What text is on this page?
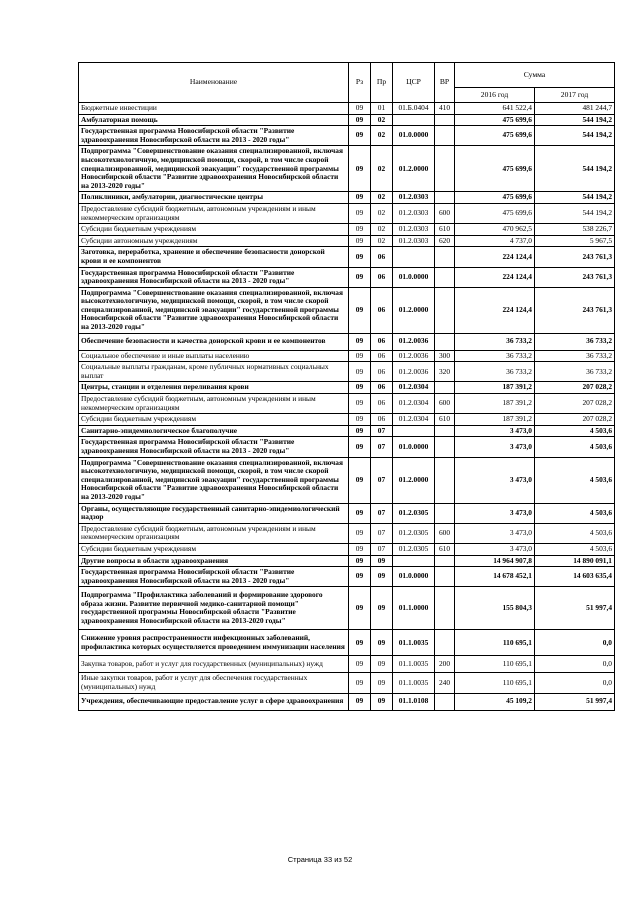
Наименование	Рз	Пр	ЦСР	ВР	Сумма	
					2016 год	2017 год
Бюджетные инвестиции	09	01	01.Б.0404	410	641 522,4	481 244,7
Амбулаторная помощь	09	02			475 699,6	544 194,2
Государственная программа Новосибирской области "Развитие здравоохранения Новосибирской области на 2013 - 2020 годы"	09	02	01.0.0000		475 699,6	544 194,2
Подпрограмма "Совершенствование оказания специализированной, включая высокотехнологичную, медицинской помощи, скорой, в том числе скорой специализированной, медицинской эвакуации" государственной программы Новосибирской области "Развитие здравоохранения Новосибирской области на 2013-2020 годы"	09	02	01.2.0000		475 699,6	544 194,2
Поликлиники, амбулатории, диагностические центры	09	02	01.2.0303		475 699,6	544 194,2
Предоставление субсидий бюджетным, автономным учреждениям и иным некоммерческим организациям	09	02	01.2.0303	600	475 699,6	544 194,2
Субсидии бюджетным учреждениям	09	02	01.2.0303	610	470 962,5	538 226,7
Субсидии автономным учреждениям	09	02	01.2.0303	620	4 737,0	5 967,5
Заготовка, переработка, хранение и обеспечение безопасности донорской крови и ее компонентов	09	06			224 124,4	243 761,3
Государственная программа Новосибирской области "Развитие здравоохранения Новосибирской области на 2013 - 2020 годы"	09	06	01.0.0000		224 124,4	243 761,3
Подпрограмма "Совершенствование оказания специализированной, включая высокотехнологичную, медицинской помощи, скорой, в том числе скорой специализированной, медицинской эвакуации" государственной программы Новосибирской области "Развитие здравоохранения Новосибирской области на 2013-2020 годы"	09	06	01.2.0000		224 124,4	243 761,3
Обеспечение безопасности и качества донорской крови и ее компонентов	09	06	01.2.0036		36 733,2	36 733,2
Социальное обеспечение и иные выплаты населению	09	06	01.2.0036	300	36 733,2	36 733,2
Социальные выплаты гражданам, кроме публичных нормативных социальных выплат	09	06	01.2.0036	320	36 733,2	36 733,2
Центры, станции и отделения переливания крови	09	06	01.2.0304		187 391,2	207 028,2
Предоставление субсидий бюджетным, автономным учреждениям и иным некоммерческим организациям	09	06	01.2.0304	600	187 391,2	207 028,2
Субсидии бюджетным учреждениям	09	06	01.2.0304	610	187 391,2	207 028,2
Санитарно-эпидемиологическое благополучие	09	07			3 473,0	4 503,6
Государственная программа Новосибирской области "Развитие здравоохранения Новосибирской области на 2013 - 2020 годы"	09	07	01.0.0000		3 473,0	4 503,6
Подпрограмма "Совершенствование оказания специализированной, включая высокотехнологичную, медицинской помощи, скорой, в том числе скорой специализированной, медицинской эвакуации" государственной программы Новосибирской области "Развитие здравоохранения Новосибирской области на 2013-2020 годы"	09	07	01.2.0000		3 473,0	4 503,6
Органы, осуществляющие государственный санитарно-эпидемиологический надзор	09	07	01.2.0305		3 473,0	4 503,6
Предоставление субсидий бюджетным, автономным учреждениям и иным некоммерческим организациям	09	07	01.2.0305	600	3 473,0	4 503,6
Субсидии бюджетным учреждениям	09	07	01.2.0305	610	3 473,0	4 503,6
Другие вопросы в области здравоохранения	09	09			14 964 907,8	14 890 091,1
Государственная программа Новосибирской области "Развитие здравоохранения Новосибирской области на 2013 - 2020 годы"	09	09	01.0.0000		14 678 452,1	14 603 635,4
Подпрограмма "Профилактика заболеваний и формирование здорового образа жизни. Развитие первичной медико-санитарной помощи" государственной программы Новосибирской области "Развитие здравоохранения Новосибирской области на 2013-2020 годы"	09	09	01.1.0000		155 804,3	51 997,4
Снижение уровня распространенности инфекционных заболеваний, профилактика которых осуществляется проведением иммунизации населения	09	09	01.1.0035		110 695,1	0,0
Закупка товаров, работ и услуг для государственных (муниципальных) нужд	09	09	01.1.0035	200	110 695,1	0,0
Иные закупки товаров, работ и услуг для обеспечения государственных (муниципальных) нужд	09	09	01.1.0035	240	110 695,1	0,0
Учреждения, обеспечивающие предоставление услуг в сфере здравоохранения	09	09	01.1.0108		45 109,2	51 997,4
Страница 33 из 52
